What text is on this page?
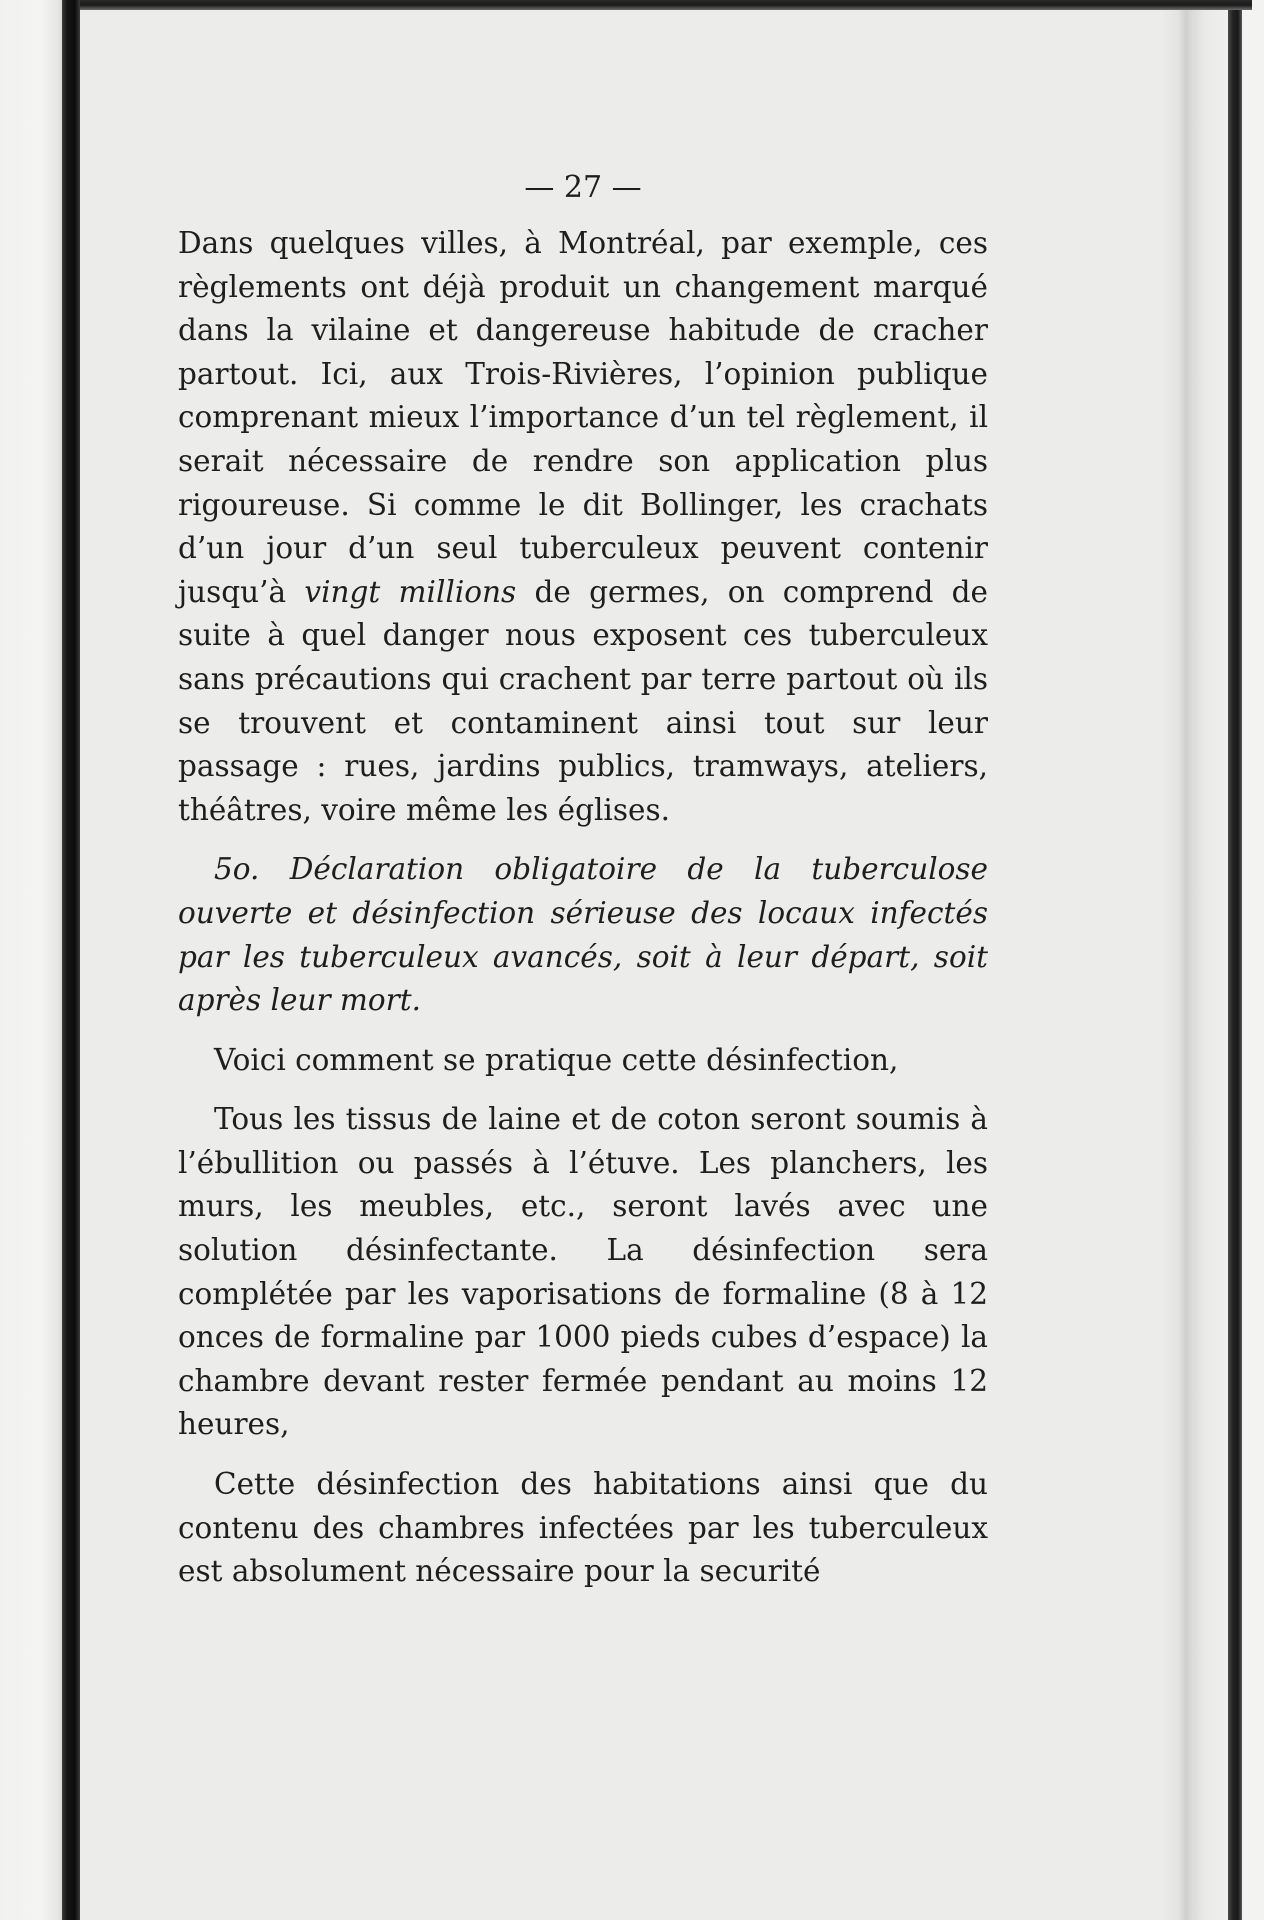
— 27 —

Dans quelques villes, à Montréal, par exemple, ces règlements ont déjà produit un changement marqué dans la vilaine et dangereuse habitude de cracher partout. Ici, aux Trois-Rivières, l’opinion publique comprenant mieux l’importance d’un tel règlement, il serait nécessaire de rendre son application plus rigoureuse. Si comme le dit Bollinger, les crachats d’un jour d’un seul tuberculeux peuvent contenir jusqu’à vingt millions de germes, on comprend de suite à quel danger nous exposent ces tuberculeux sans précautions qui crachent par terre partout où ils se trouvent et contaminent ainsi tout sur leur passage : rues, jardins publics, tramways, ateliers, théâtres, voire même les églises.

5o. Déclaration obligatoire de la tuberculose ouverte et désinfection sérieuse des locaux infectés par les tuberculeux avancés, soit à leur départ, soit après leur mort.

Voici comment se pratique cette désinfection,

Tous les tissus de laine et de coton seront soumis à l’ébullition ou passés à l’étuve. Les planchers, les murs, les meubles, etc., seront lavés avec une solution désinfectante. La désinfection sera complétée par les vaporisations de formaline (8 à 12 onces de formaline par 1000 pieds cubes d’espace) la chambre devant rester fermée pendant au moins 12 heures,

Cette désinfection des habitations ainsi que du contenu des chambres infectées par les tuberculeux est absolument nécessaire pour la securité
